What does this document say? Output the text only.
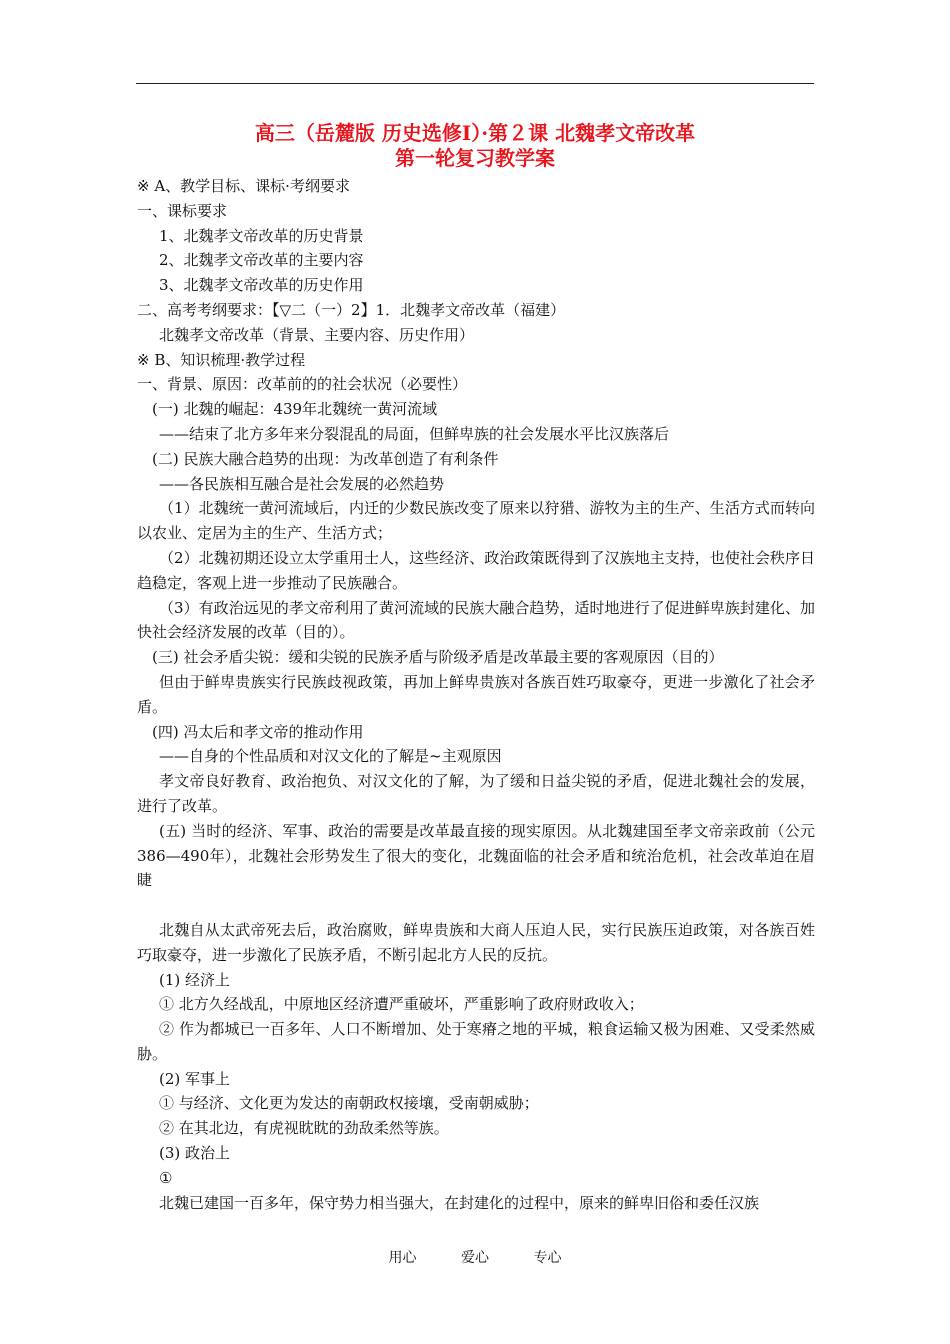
高三（岳麓版 历史选修Ⅰ）·第２课 北魏孝文帝改革
第一轮复习教学案

※ A、教学目标、课标·考纲要求

一、课标要求

1、北魏孝文帝改革的历史背景

2、北魏孝文帝改革的主要内容

3、北魏孝文帝改革的历史作用

二、高考考纲要求：【▽二（一）2】1．北魏孝文帝改革（福建）

北魏孝文帝改革（背景、主要内容、历史作用）

※ B、知识梳理·教学过程

一、背景、原因：改革前的的社会状况（必要性）

(一) 北魏的崛起：439年北魏统一黄河流域

——结束了北方多年来分裂混乱的局面，但鲜卑族的社会发展水平比汉族落后

(二) 民族大融合趋势的出现：为改革创造了有利条件

——各民族相互融合是社会发展的必然趋势

（1）北魏统一黄河流域后，内迁的少数民族改变了原来以狩猎、游牧为主的生产、生活方式而转向以农业、定居为主的生产、生活方式；

（2）北魏初期还设立太学重用士人，这些经济、政治政策既得到了汉族地主支持，也使社会秩序日趋稳定，客观上进一步推动了民族融合。

（3）有政治远见的孝文帝利用了黄河流域的民族大融合趋势，适时地进行了促进鲜卑族封建化、加快社会经济发展的改革（目的）。

(三) 社会矛盾尖锐：缓和尖锐的民族矛盾与阶级矛盾是改革最主要的客观原因（目的）

但由于鲜卑贵族实行民族歧视政策，再加上鲜卑贵族对各族百姓巧取豪夺，更进一步激化了社会矛盾。

(四) 冯太后和孝文帝的推动作用

——自身的个性品质和对汉文化的了解是~主观原因

孝文帝良好教育、政治抱负、对汉文化的了解，为了缓和日益尖锐的矛盾，促进北魏社会的发展，进行了改革。

(五) 当时的经济、军事、政治的需要是改革最直接的现实原因。从北魏建国至孝文帝亲政前（公元386—490年），北魏社会形势发生了很大的变化，北魏面临的社会矛盾和统治危机，社会改革迫在眉睫

北魏自从太武帝死去后，政治腐败，鲜卑贵族和大商人压迫人民，实行民族压迫政策，对各族百姓巧取豪夺，进一步激化了民族矛盾，不断引起北方人民的反抗。

(1) 经济上

① 北方久经战乱，中原地区经济遭严重破坏，严重影响了政府财政收入；

② 作为都城已一百多年、人口不断增加、处于寒瘠之地的平城，粮食运输又极为困难、又受柔然威胁。

(2) 军事上

① 与经济、文化更为发达的南朝政权接壤，受南朝威胁；

② 在其北边，有虎视眈眈的劲敌柔然等族。

(3) 政治上

①

北魏已建国一百多年，保守势力相当强大，在封建化的过程中，原来的鲜卑旧俗和委任汉族

用心	爱心	专心
